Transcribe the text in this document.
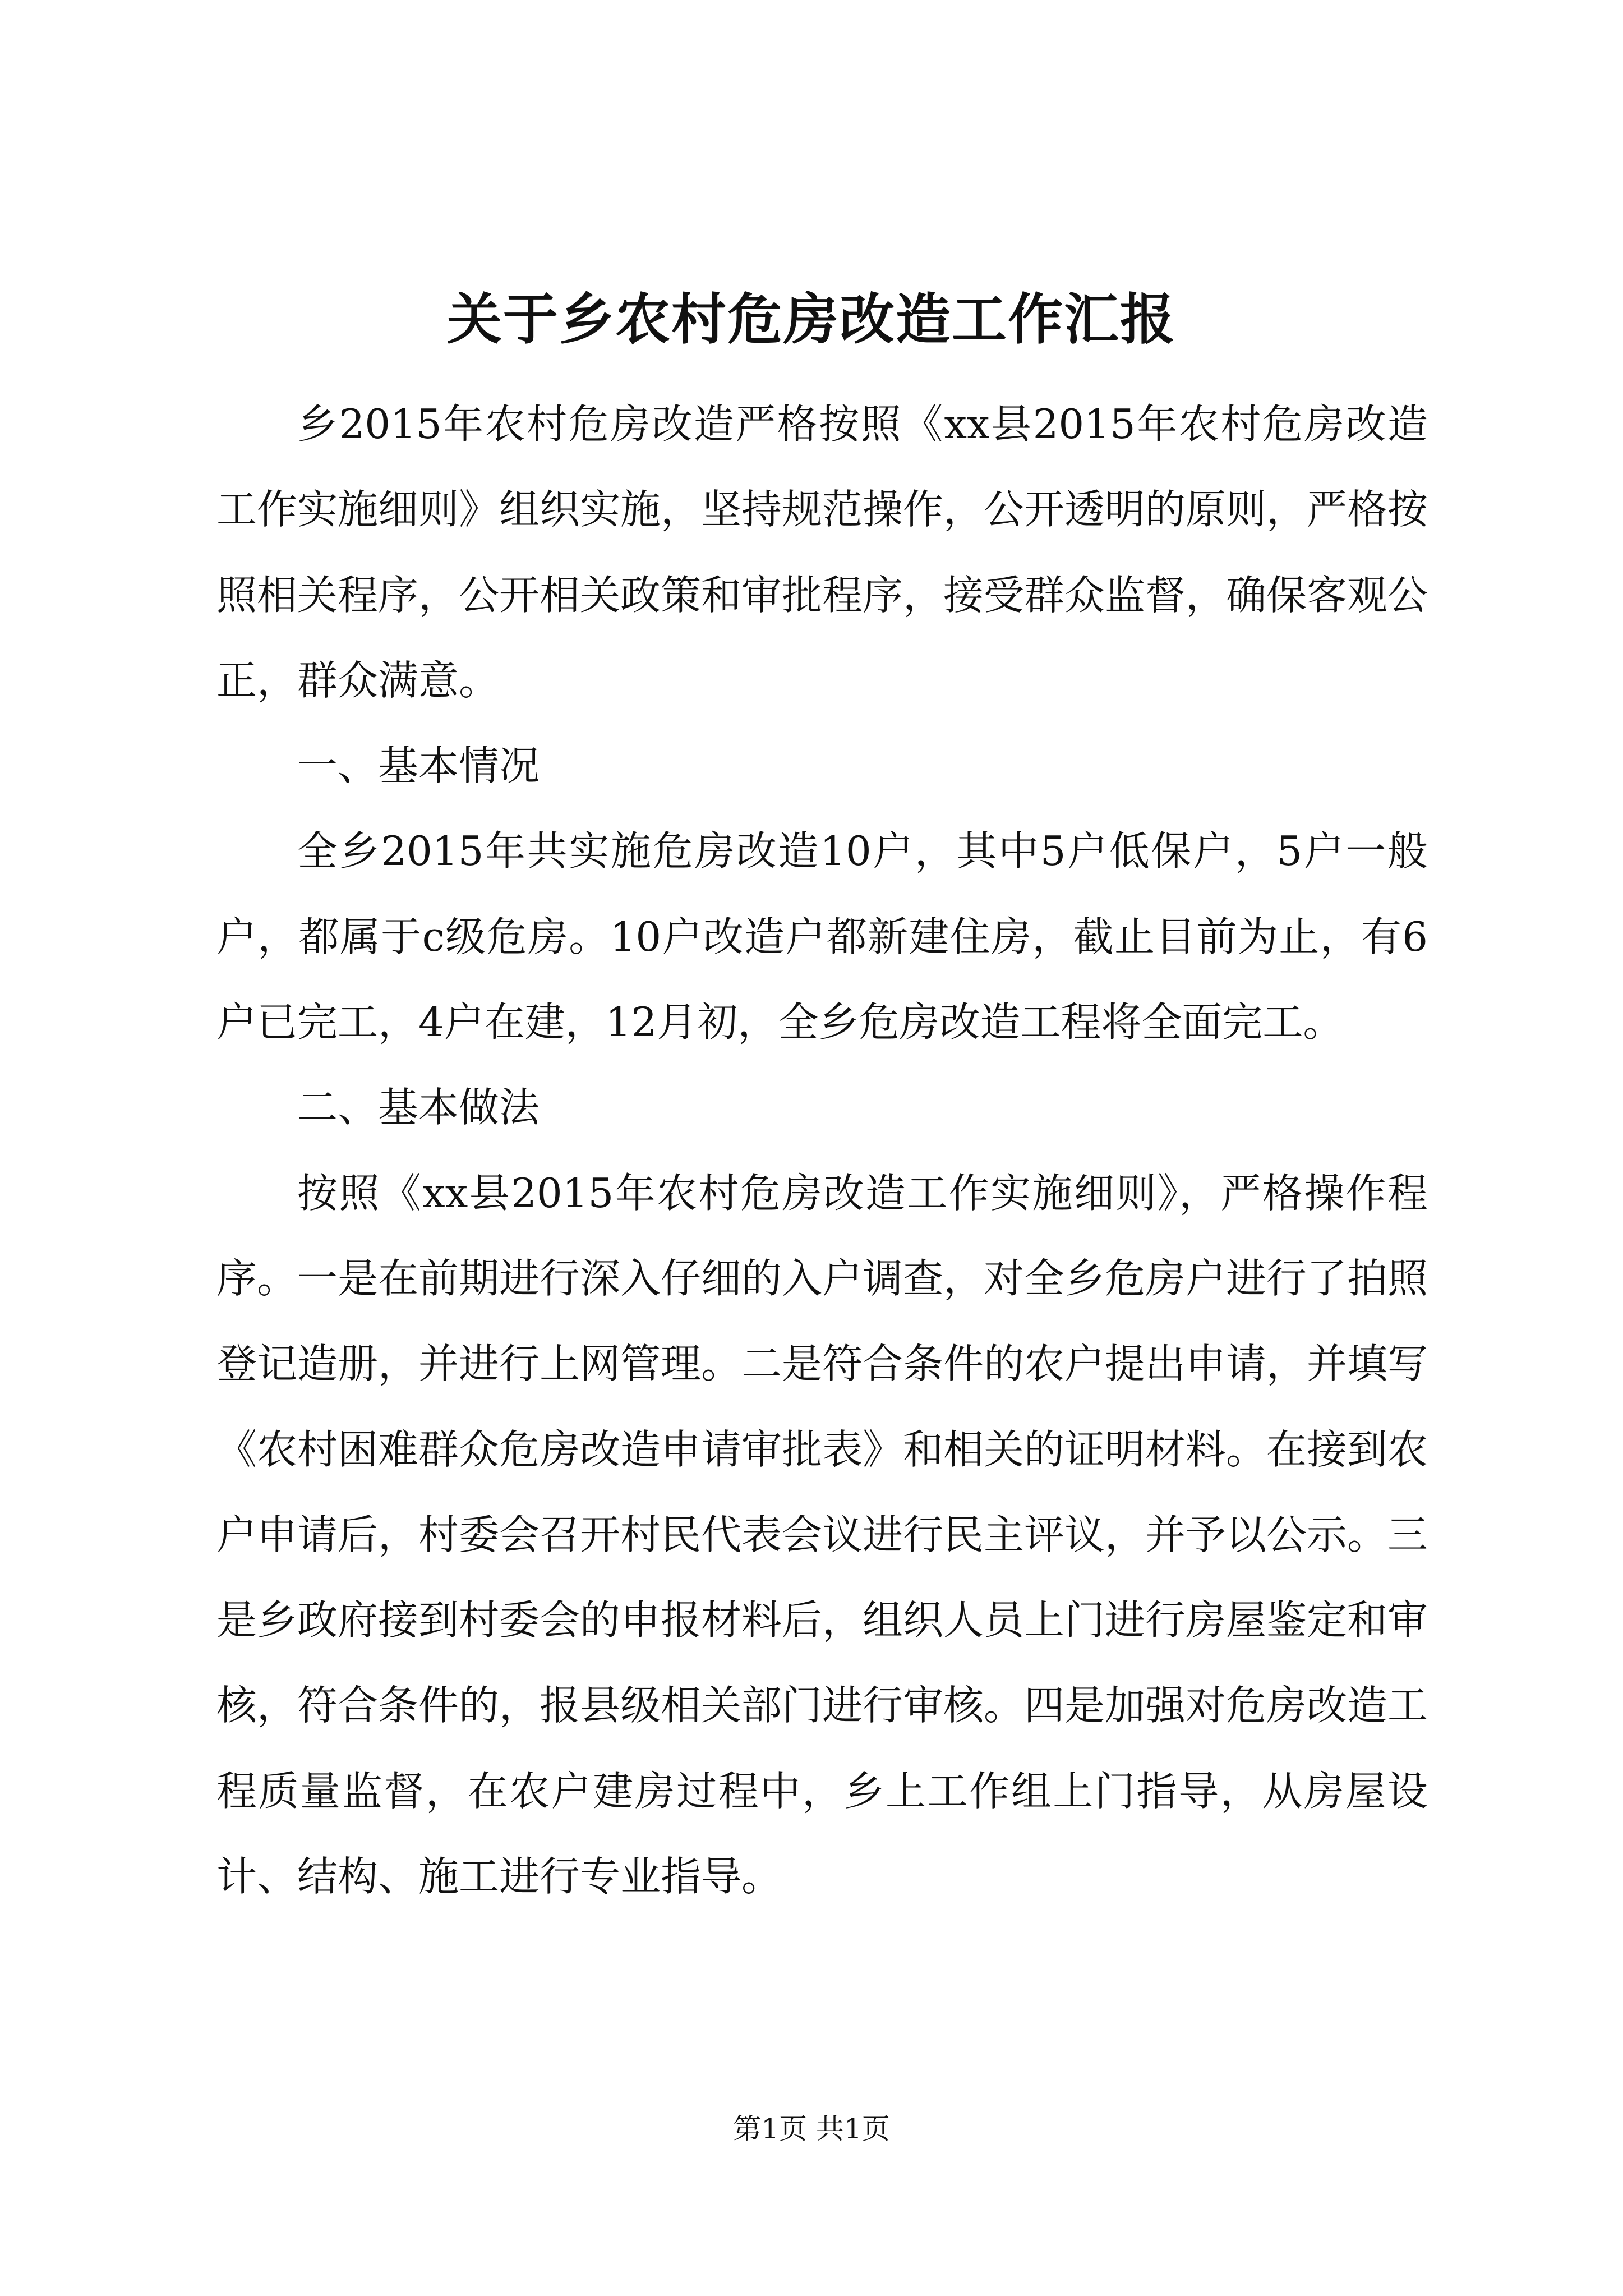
关于乡农村危房改造工作汇报

乡2015年农村危房改造严格按照《xx县2015年农村危房改造工作实施细则》组织实施，坚持规范操作，公开透明的原则，严格按照相关程序，公开相关政策和审批程序，接受群众监督，确保客观公正，群众满意。

一、基本情况

全乡2015年共实施危房改造10户，其中5户低保户，5户一般户，都属于c级危房。10户改造户都新建住房，截止目前为止，有6户已完工，4户在建，12月初，全乡危房改造工程将全面完工。

二、基本做法

按照《xx县2015年农村危房改造工作实施细则》，严格操作程序。一是在前期进行深入仔细的入户调查，对全乡危房户进行了拍照登记造册，并进行上网管理。二是符合条件的农户提出申请，并填写《农村困难群众危房改造申请审批表》和相关的证明材料。在接到农户申请后，村委会召开村民代表会议进行民主评议，并予以公示。三是乡政府接到村委会的申报材料后，组织人员上门进行房屋鉴定和审核，符合条件的，报县级相关部门进行审核。四是加强对危房改造工程质量监督，在农户建房过程中，乡上工作组上门指导，从房屋设计、结构、施工进行专业指导。

第1页 共1页
